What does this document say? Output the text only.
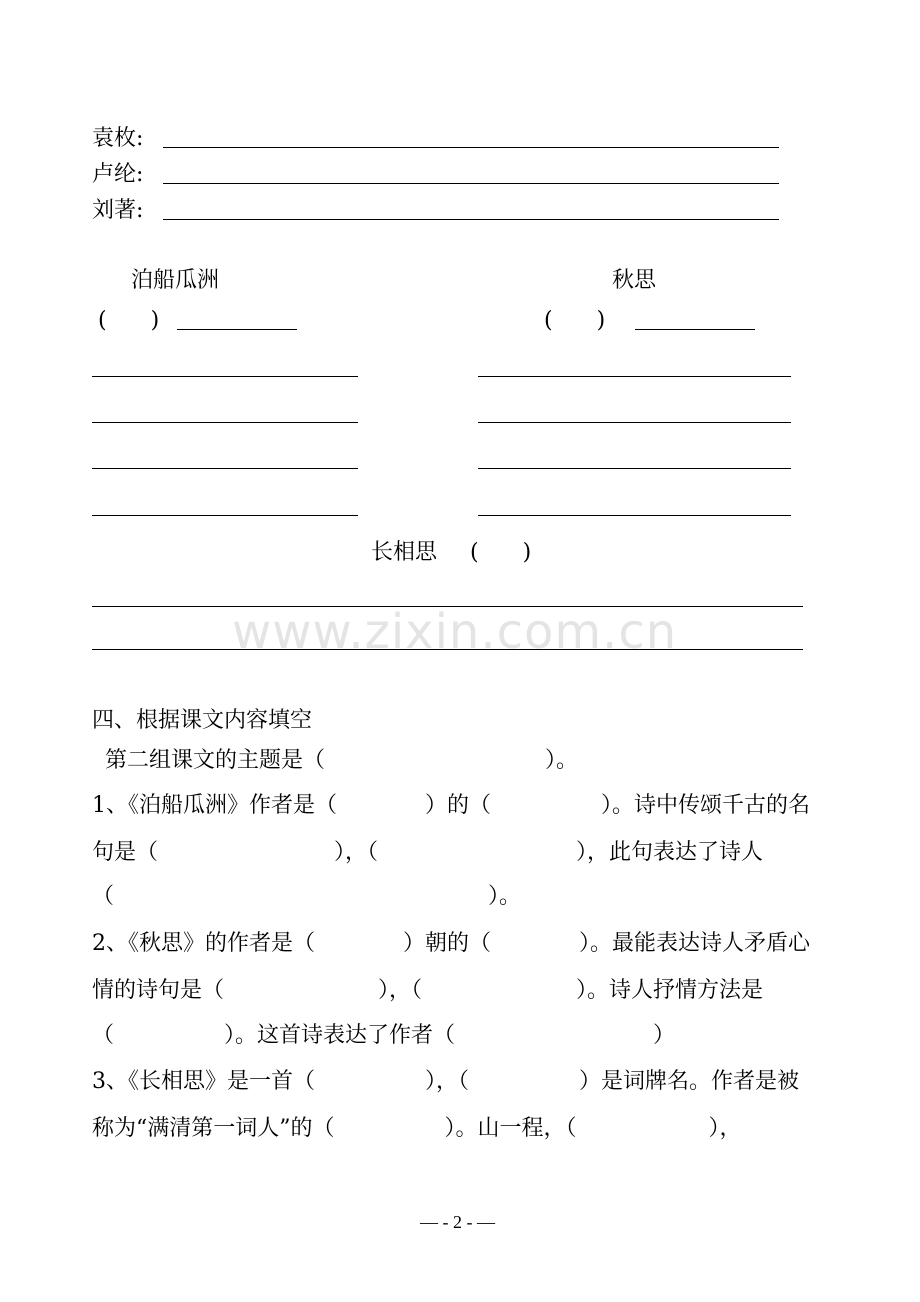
袁枚:
卢纶:
刘著:
泊船瓜洲
(　　)
秋思
(　　)
长相思 (　　)
www.zixin.com.cn
四、根据课文内容填空
第二组课文的主题是（　　　　　　　　　　）。
1、《泊船瓜洲》作者是（　　　　）的（　　　　　）。诗中传颂千古的名
句是（　　　　　　　　），（　　　　　　　　　），此句表达了诗人
（　　　　　　　　　　　　　　　　　）。
2、《秋思》的作者是（　　　　）朝的（　　　　）。最能表达诗人矛盾心
情的诗句是（　　　　　　　），（　　　　　　　）。诗人抒情方法是
（　　　　　）。这首诗表达了作者（　　　　　　　　　）
3、《长相思》是一首（　　　　　），（　　　　　）是词牌名。作者是被
称为“满清第一词人”的（　　　　　）。山一程，（　　　　　　），
— - 2 - —
